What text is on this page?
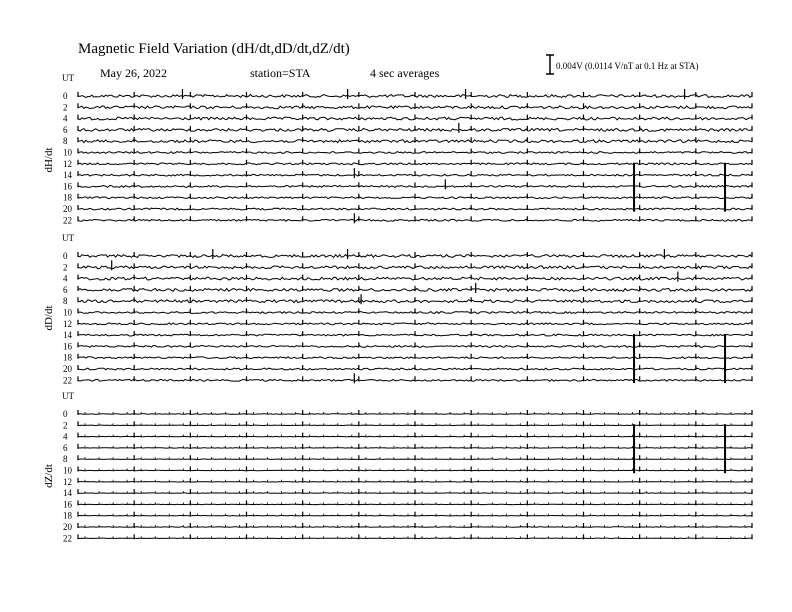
Magnetic Field Variation (dH/dt,dD/dt,dZ/dt)
May 26, 2022	station=STA	4 sec averages	0.004V (0.0114 V/nT at 0.1 Hz at STA)
UT
dH/dt
0
2
4
6
8
10
12
14
16
18
20
22
UT
dD/dt
0
2
4
6
8
10
12
14
16
18
20
22
UT
dZ/dt
0
2
4
6
8
10
12
14
16
18
20
22
